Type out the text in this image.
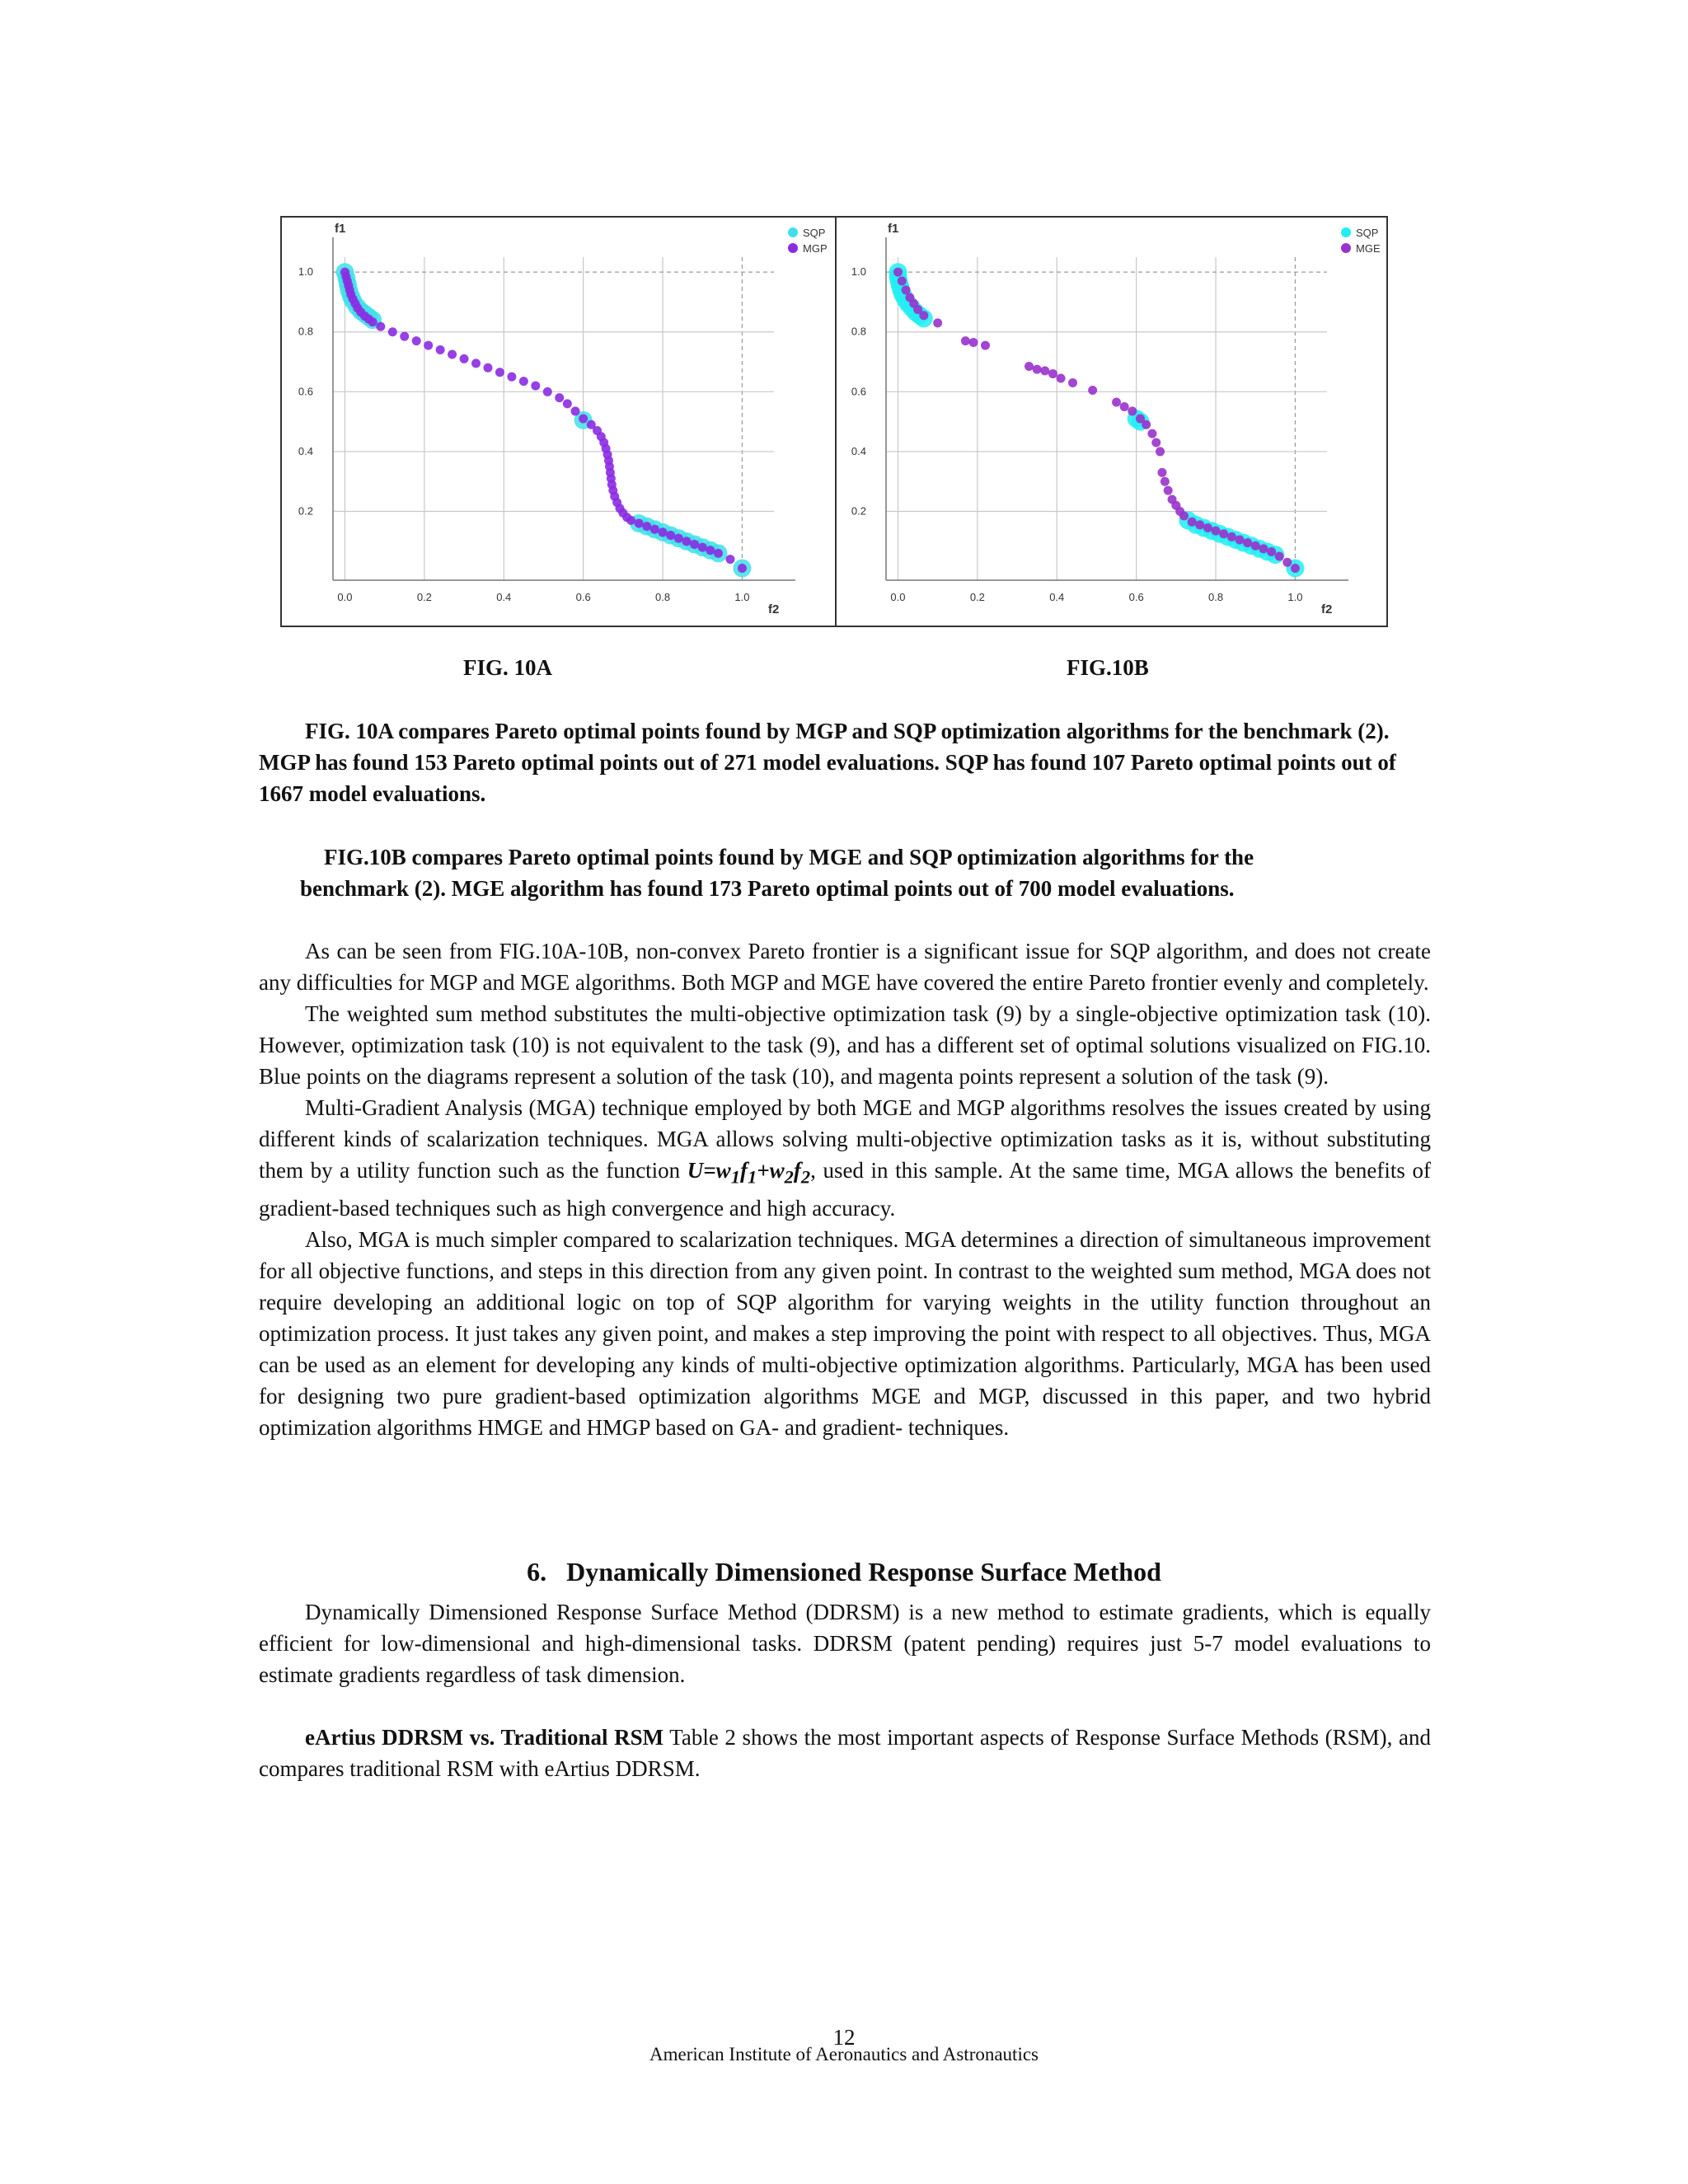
0.0	0.2	0.4	0.6	0.8	1.0
0.2
0.4
0.6
0.8
1.0
f1
f2
SQP
MGP
0.0	0.2	0.4	0.6	0.8	1.0
0.2
0.4
0.6
0.8
1.0
f1
f2
SQP
MGE
FIG. 10A	FIG.10B
FIG. 10A compares Pareto optimal points found by MGP and SQP optimization algorithms for the benchmark (2). MGP has found 153 Pareto optimal points out of 271 model evaluations. SQP has found 107 Pareto optimal points out of 1667 model evaluations.
FIG.10B compares Pareto optimal points found by MGE and SQP optimization algorithms for the
benchmark (2). MGE algorithm has found 173 Pareto optimal points out of 700 model evaluations.

As can be seen from FIG.10A-10B, non-convex Pareto frontier is a significant issue for SQP algorithm, and does not create any difficulties for MGP and MGE algorithms. Both MGP and MGE have covered the entire Pareto frontier evenly and completely.

The weighted sum method substitutes the multi-objective optimization task (9) by a single-objective optimization task (10). However, optimization task (10) is not equivalent to the task (9), and has a different set of optimal solutions visualized on FIG.10. Blue points on the diagrams represent a solution of the task (10), and magenta points represent a solution of the task (9).

Multi-Gradient Analysis (MGA) technique employed by both MGE and MGP algorithms resolves the issues created by using different kinds of scalarization techniques. MGA allows solving multi-objective optimization tasks as it is, without substituting them by a utility function such as the function $U=w_1f_1+w_2f_2$, used in this sample. At the same time, MGA allows the benefits of gradient-based techniques such as high convergence and high accuracy.

Also, MGA is much simpler compared to scalarization techniques. MGA determines a direction of simultaneous improvement for all objective functions, and steps in this direction from any given point. In contrast to the weighted sum method, MGA does not require developing an additional logic on top of SQP algorithm for varying weights in the utility function throughout an optimization process. It just takes any given point, and makes a step improving the point with respect to all objectives. Thus, MGA can be used as an element for developing any kinds of multi-objective optimization algorithms. Particularly, MGA has been used for designing two pure gradient-based optimization algorithms MGE and MGP, discussed in this paper, and two hybrid optimization algorithms HMGE and HMGP based on GA- and gradient- techniques.

6. Dynamically Dimensioned Response Surface Method

Dynamically Dimensioned Response Surface Method (DDRSM) is a new method to estimate gradients, which is equally efficient for low-dimensional and high-dimensional tasks. DDRSM (patent pending) requires just 5-7 model evaluations to estimate gradients regardless of task dimension.

eArtius DDRSM vs. Traditional RSM Table 2 shows the most important aspects of Response Surface Methods (RSM), and compares traditional RSM with eArtius DDRSM.

12
American Institute of Aeronautics and Astronautics
